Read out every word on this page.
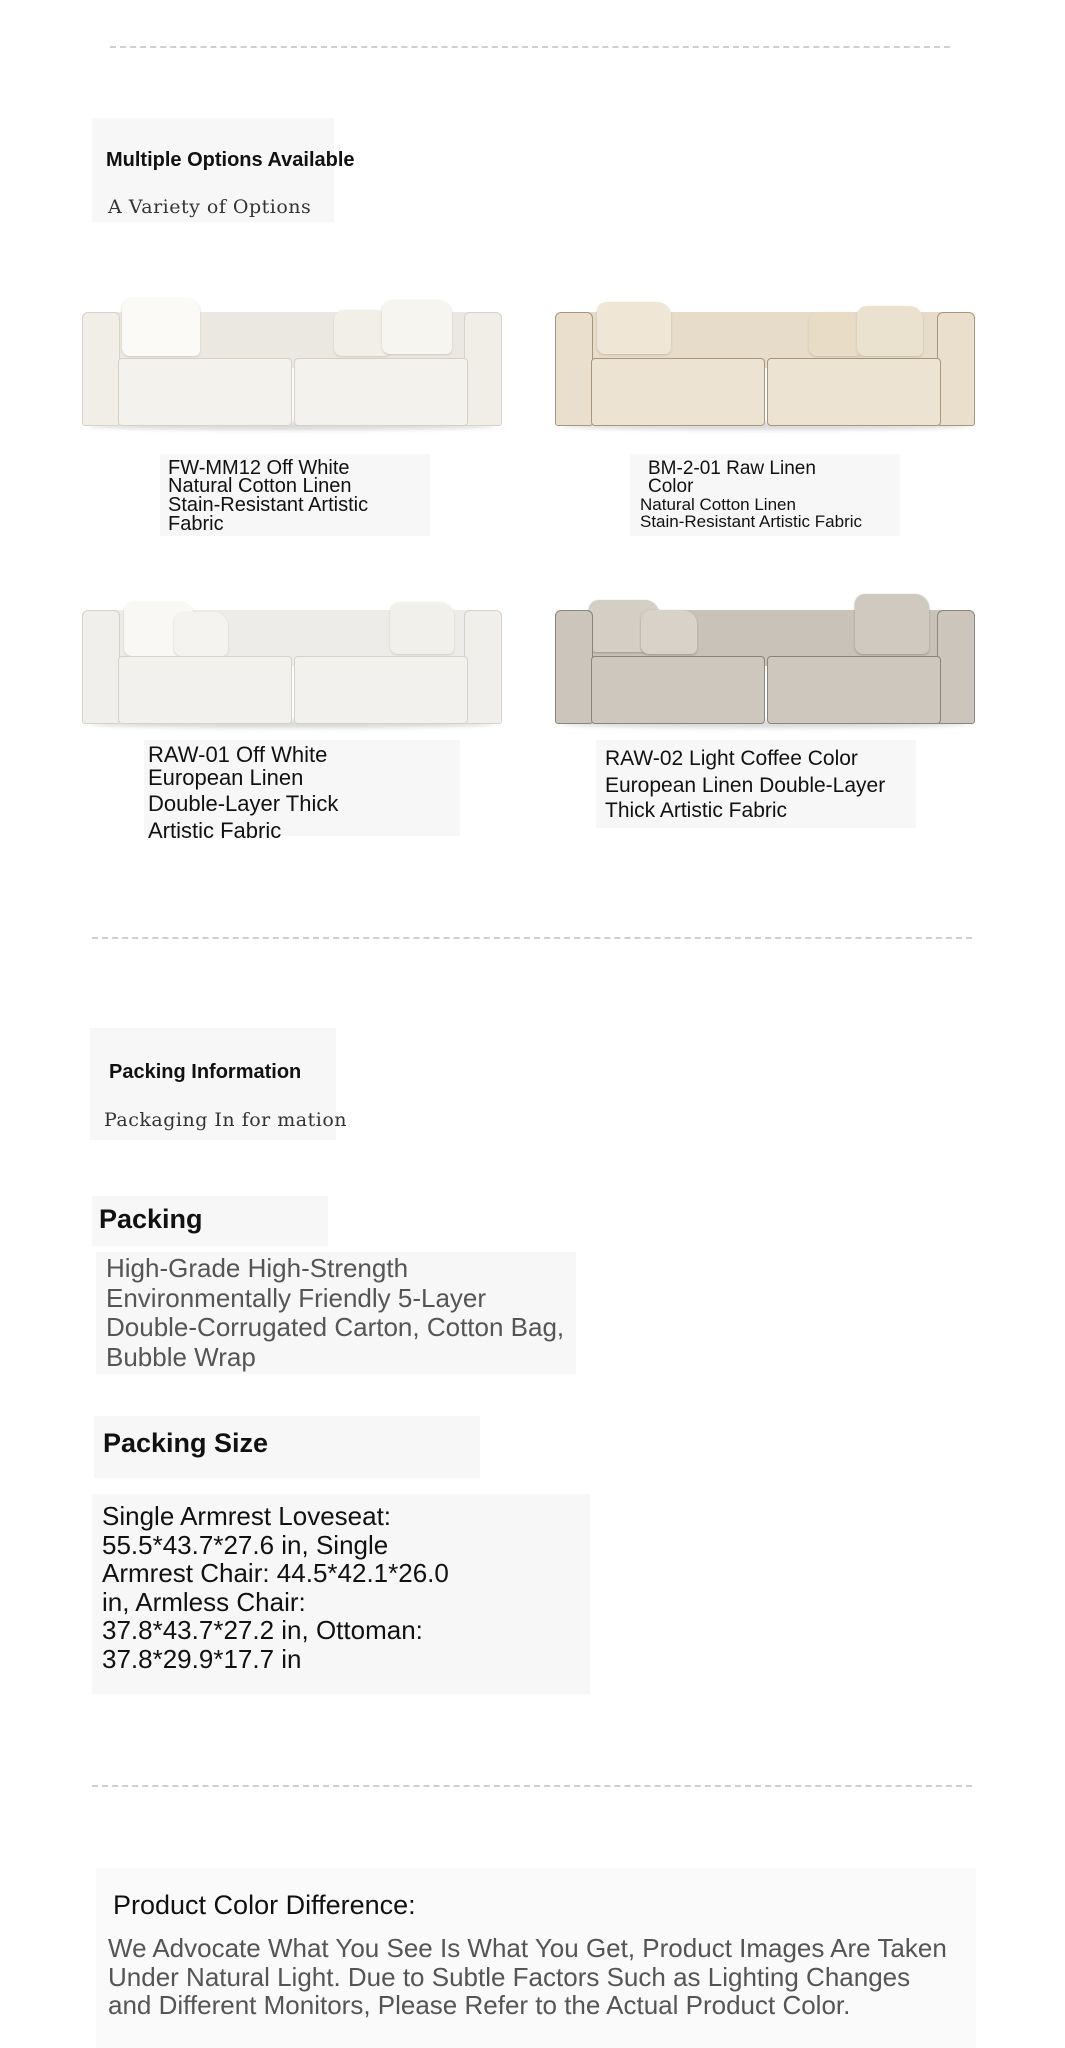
Multiple Options Available

A Variety of Options

FW-MM12 Off White

Natural Cotton Linen
Stain-Resistant Artistic
Fabric

BM-2-01 Raw Linen
Color

Natural Cotton Linen
Stain-Resistant Artistic Fabric

RAW-01 Off White

European Linen
Double-Layer Thick
Artistic Fabric

RAW-02 Light Coffee Color

European Linen Double-Layer
Thick Artistic Fabric

Packing Information

Packaging In for mation

Packing

High-Grade High-Strength
Environmentally Friendly 5-Layer
Double-Corrugated Carton, Cotton Bag,
Bubble Wrap

Packing Size

Single Armrest Loveseat:
55.5*43.7*27.6 in, Single
Armrest Chair: 44.5*42.1*26.0
in, Armless Chair:
37.8*43.7*27.2 in, Ottoman:
37.8*29.9*17.7 in

Product Color Difference:

We Advocate What You See Is What You Get, Product Images Are Taken
Under Natural Light. Due to Subtle Factors Such as Lighting Changes
and Different Monitors, Please Refer to the Actual Product Color.
